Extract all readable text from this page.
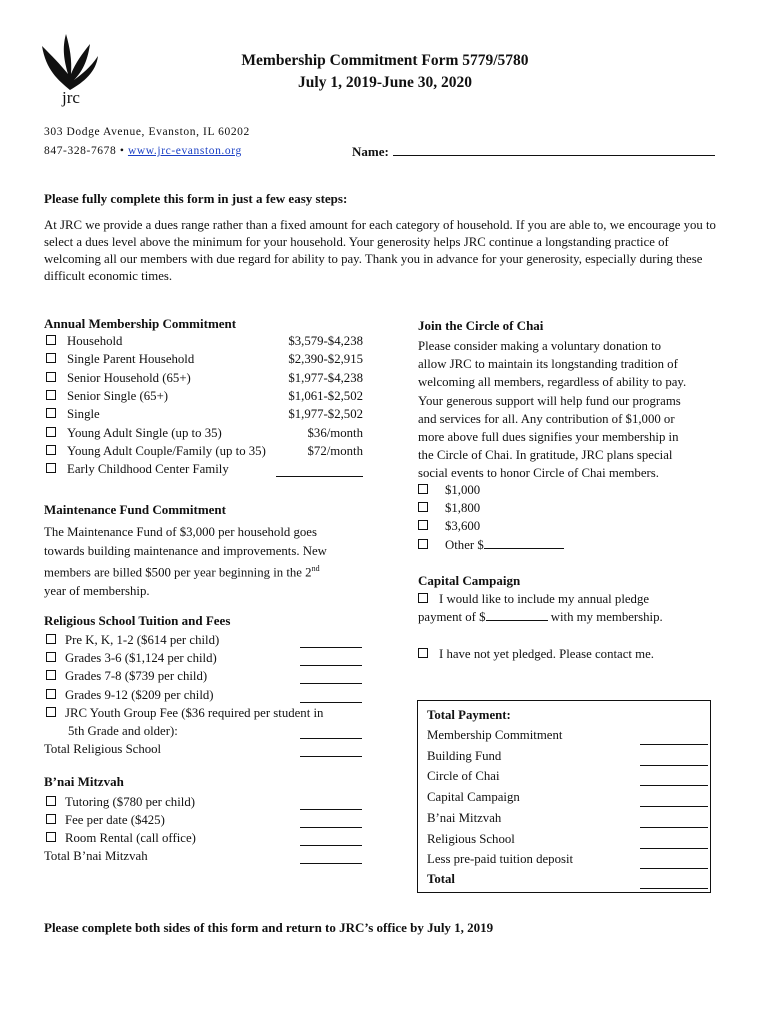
jrc
Membership Commitment Form 5779/5780
July 1, 2019-June 30, 2020
303 Dodge Avenue, Evanston, IL 60202
847-328-7678 • www.jrc-evanston.org	Name:
Please fully complete this form in just a few easy steps:
At JRC we provide a dues range rather than a fixed amount for each category of household. If you are able to, we encourage you to select a dues level above the minimum for your household. Your generosity helps JRC continue a longstanding practice of welcoming all our members with due regard for ability to pay. Thank you in advance for your generosity, especially during these difficult economic times.
Annual Membership Commitment
Household	$3,579-$4,238
Single Parent Household	$2,390-$2,915
Senior Household (65+)	$1,977-$4,238
Senior Single (65+)	$1,061-$2,502
Single	$1,977-$2,502
Young Adult Single (up to 35)	$36/month
Young Adult Couple/Family (up to 35)	$72/month
Early Childhood Center Family
Maintenance Fund Commitment
The Maintenance Fund of $3,000 per household goes
towards building maintenance and improvements. New
members are billed $500 per year beginning in the 2nd
year of membership.
Religious School Tuition and Fees
Pre K, K, 1-2 ($614 per child)
Grades 3-6 ($1,124 per child)
Grades 7-8 ($739 per child)
Grades 9-12 ($209 per child)
JRC Youth Group Fee ($36 required per student in
5th Grade and older):
Total Religious School
B’nai Mitzvah
Tutoring ($780 per child)
Fee per date ($425)
Room Rental (call office)
Total B’nai Mitzvah
Join the Circle of Chai
Please consider making a voluntary donation to
allow JRC to maintain its longstanding tradition of
welcoming all members, regardless of ability to pay.
Your generous support will help fund our programs
and services for all. Any contribution of $1,000 or
more above full dues signifies your membership in
the Circle of Chai. In gratitude, JRC plans special
social events to honor Circle of Chai members.
$1,000
$1,800
$3,600
Other $
Capital Campaign
I would like to include my annual pledge
payment of $	with my membership.
I have not yet pledged. Please contact me.
Total Payment:
Membership Commitment
Building Fund
Circle of Chai
Capital Campaign
B’nai Mitzvah
Religious School
Less pre-paid tuition deposit
Total
Please complete both sides of this form and return to JRC’s office by July 1, 2019
